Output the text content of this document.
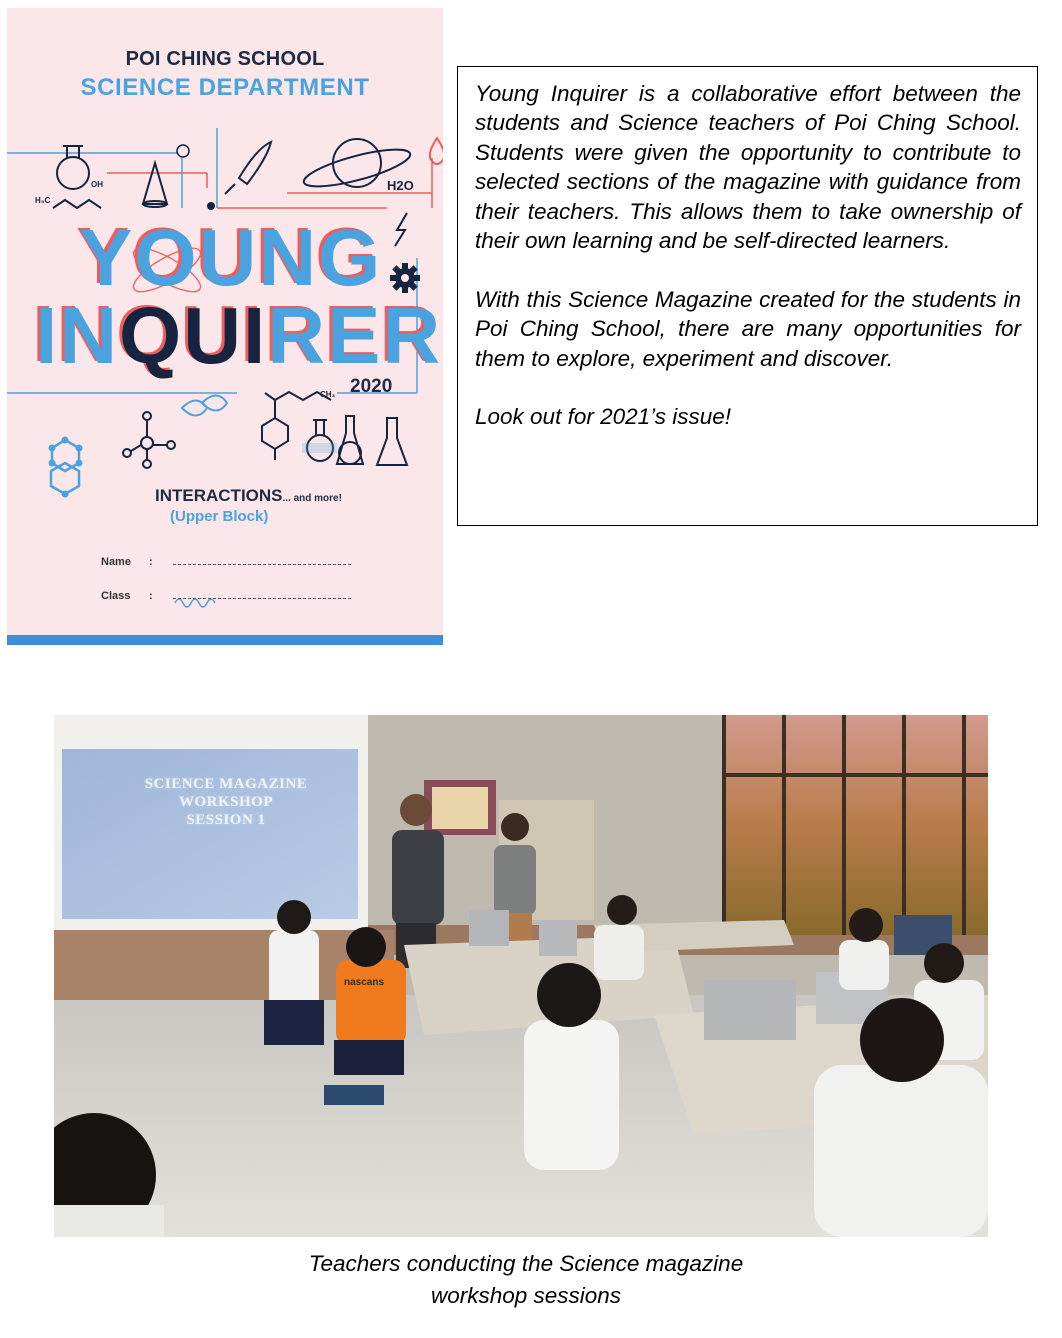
POI CHING SCHOOL
SCIENCE DEPARTMENT
H2O
H₃C
OH
CH₃
YOUNG
INQUIRER
2020
INTERACTIONS... and more!
(Upper Block)
Name :
Class :

Young Inquirer is a collaborative effort between the students and Science teachers of Poi Ching School. Students were given the opportunity to contribute to selected sections of the magazine with guidance from their teachers. This allows them to take ownership of their own learning and be self-directed learners.

With this Science Magazine created for the students in Poi Ching School, there are many opportunities for them to explore, experiment and discover.

Look out for 2021’s issue!

SCIENCE MAGAZINE
WORKSHOP
SESSION 1
nascans
Teachers conducting the Science magazine
workshop sessions
